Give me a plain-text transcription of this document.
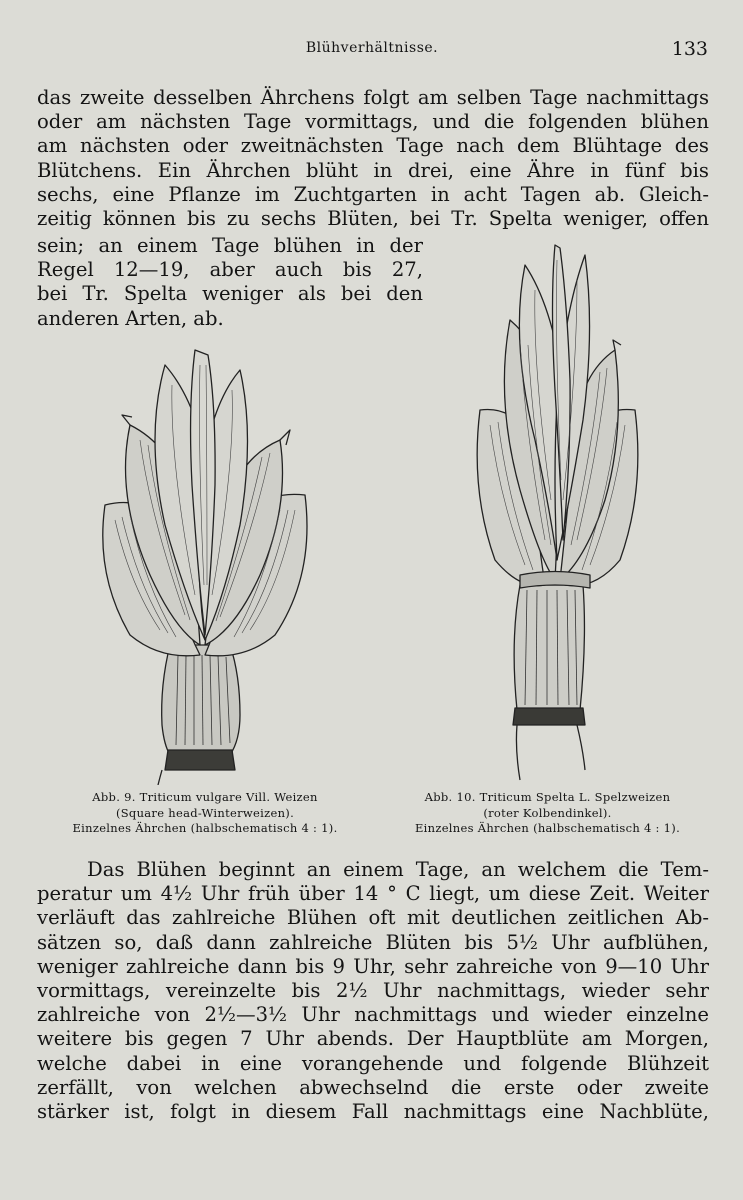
Blühverhältnisse.	133

das zweite desselben Ährchens folgt am selben Tage nachmittags
oder am nächsten Tage vormittags, und die folgenden blühen
am nächsten oder zweitnächsten Tage nach dem Blühtage des
Blütchens. Ein Ährchen blüht in drei, eine Ähre in fünf bis
sechs, eine Pflanze im Zuchtgarten in acht Tagen ab. Gleich-
zeitig können bis zu sechs Blüten, bei Tr. Spelta weniger, offen

sein; an einem Tage blühen in der
Regel 12—19, aber auch bis 27,
bei Tr. Spelta weniger als bei den
anderen Arten, ab.

Abb. 9. Triticum vulgare Vill. Weizen
(Square head-Winterweizen).
Einzelnes Ährchen (halbschematisch 4 : 1).
Abb. 10. Triticum Spelta L. Spelzweizen
(roter Kolbendinkel).
Einzelnes Ährchen (halbschematisch 4 : 1).

Das Blühen beginnt an einem Tage, an welchem die Tem-
peratur um 4½ Uhr früh über 14 ° C liegt, um diese Zeit. Weiter
verläuft das zahlreiche Blühen oft mit deutlichen zeitlichen Ab-
sätzen so, daß dann zahlreiche Blüten bis 5½ Uhr aufblühen,
weniger zahlreiche dann bis 9 Uhr, sehr zahreiche von 9—10 Uhr
vormittags, vereinzelte bis 2½ Uhr nachmittags, wieder sehr
zahlreiche von 2½—3½ Uhr nachmittags und wieder einzelne
weitere bis gegen 7 Uhr abends. Der Hauptblüte am Morgen,
welche dabei in eine vorangehende und folgende Blühzeit
zerfällt, von welchen abwechselnd die erste oder zweite
stärker ist, folgt in diesem Fall nachmittags eine Nachblüte,
